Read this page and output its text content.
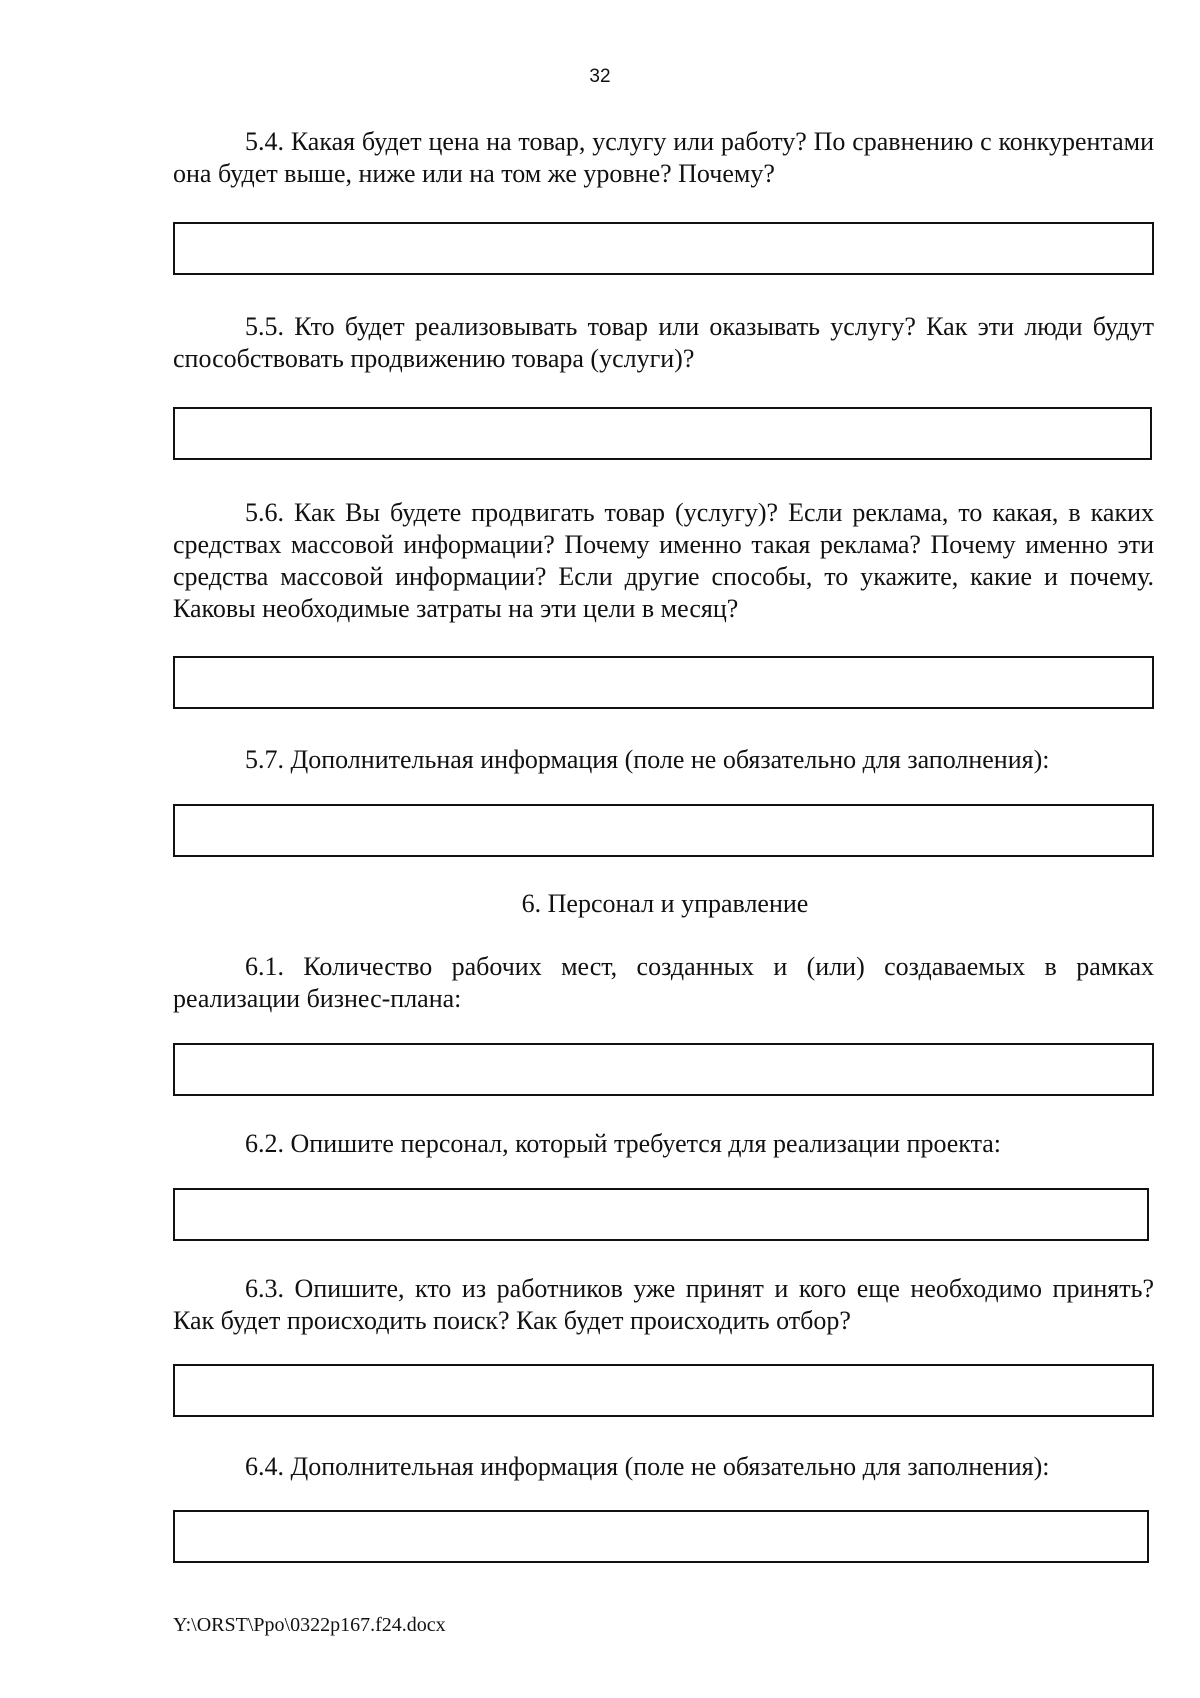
32

5.4. Какая будет цена на товар, услугу или работу? По сравнению с конкурентами она будет выше, ниже или на том же уровне? Почему?

5.5. Кто будет реализовывать товар или оказывать услугу? Как эти люди будут способствовать продвижению товара (услуги)?

5.6. Как Вы будете продвигать товар (услугу)? Если реклама, то какая, в каких средствах массовой информации? Почему именно такая реклама? Почему именно эти средства массовой информации? Если другие способы, то укажите, какие и почему. Каковы необходимые затраты на эти цели в месяц?

5.7. Дополнительная информация (поле не обязательно для заполнения):

6. Персонал и управление

6.1. Количество рабочих мест, созданных и (или) создаваемых в рамках реализации бизнес-плана:

6.2. Опишите персонал, который требуется для реализации проекта:

6.3. Опишите, кто из работников уже принят и кого еще необходимо принять? Как будет происходить поиск? Как будет происходить отбор?

6.4. Дополнительная информация (поле не обязательно для заполнения):

Y:\ORST\Ppo\0322p167.f24.docx
